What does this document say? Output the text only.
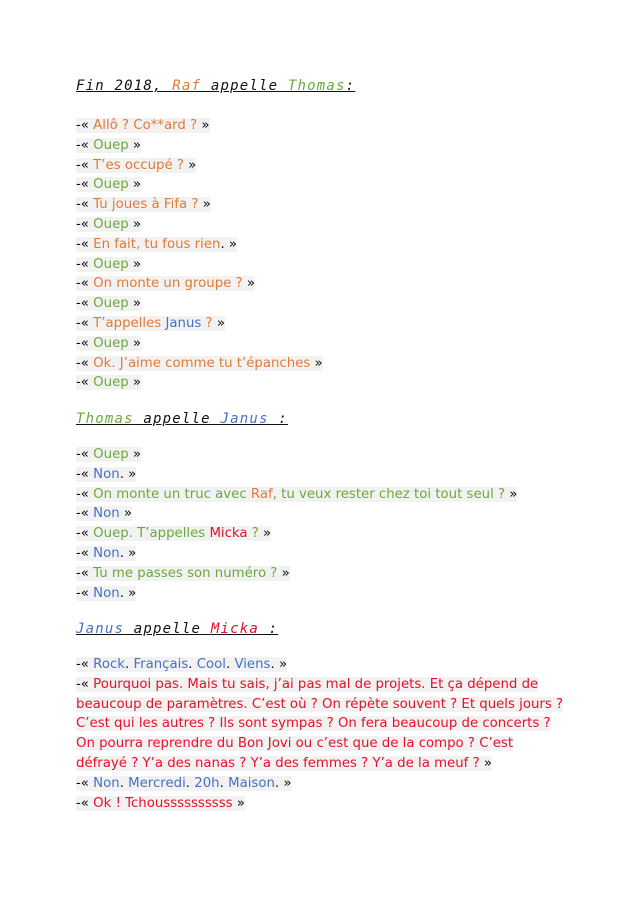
Fin 2018, Raf appelle Thomas:
-« Allô ? Co**ard ? »
-« Ouep »
-« T’es occupé ? »
-« Ouep »
-« Tu joues à Fifa ? »
-« Ouep »
-« En fait, tu fous rien. »
-« Ouep »
-« On monte un groupe ? »
-« Ouep »
-« T’appelles Janus ? »
-« Ouep »
-« Ok. J’aime comme tu t’épanches »
-« Ouep »
Thomas appelle Janus :
-« Ouep »
-« Non. »
-« On monte un truc avec Raf, tu veux rester chez toi tout seul ? »
-« Non »
-« Ouep. T’appelles Micka ? »
-« Non. »
-« Tu me passes son numéro ? »
-« Non. »
Janus appelle Micka :
-« Rock. Français. Cool. Viens. »
-« Pourquoi pas. Mais tu sais, j’ai pas mal de projets. Et ça dépend de beaucoup de paramètres. C’est où ? On répète souvent ? Et quels jours ? C’est qui les autres ? Ils sont sympas ? On fera beaucoup de concerts ? On pourra reprendre du Bon Jovi ou c’est que de la compo ? C’est défrayé ? Y’a des nanas ? Y’a des femmes ? Y’a de la meuf ? »
-« Non. Mercredi. 20h. Maison. »
-« Ok ! Tchoussssssssss »
